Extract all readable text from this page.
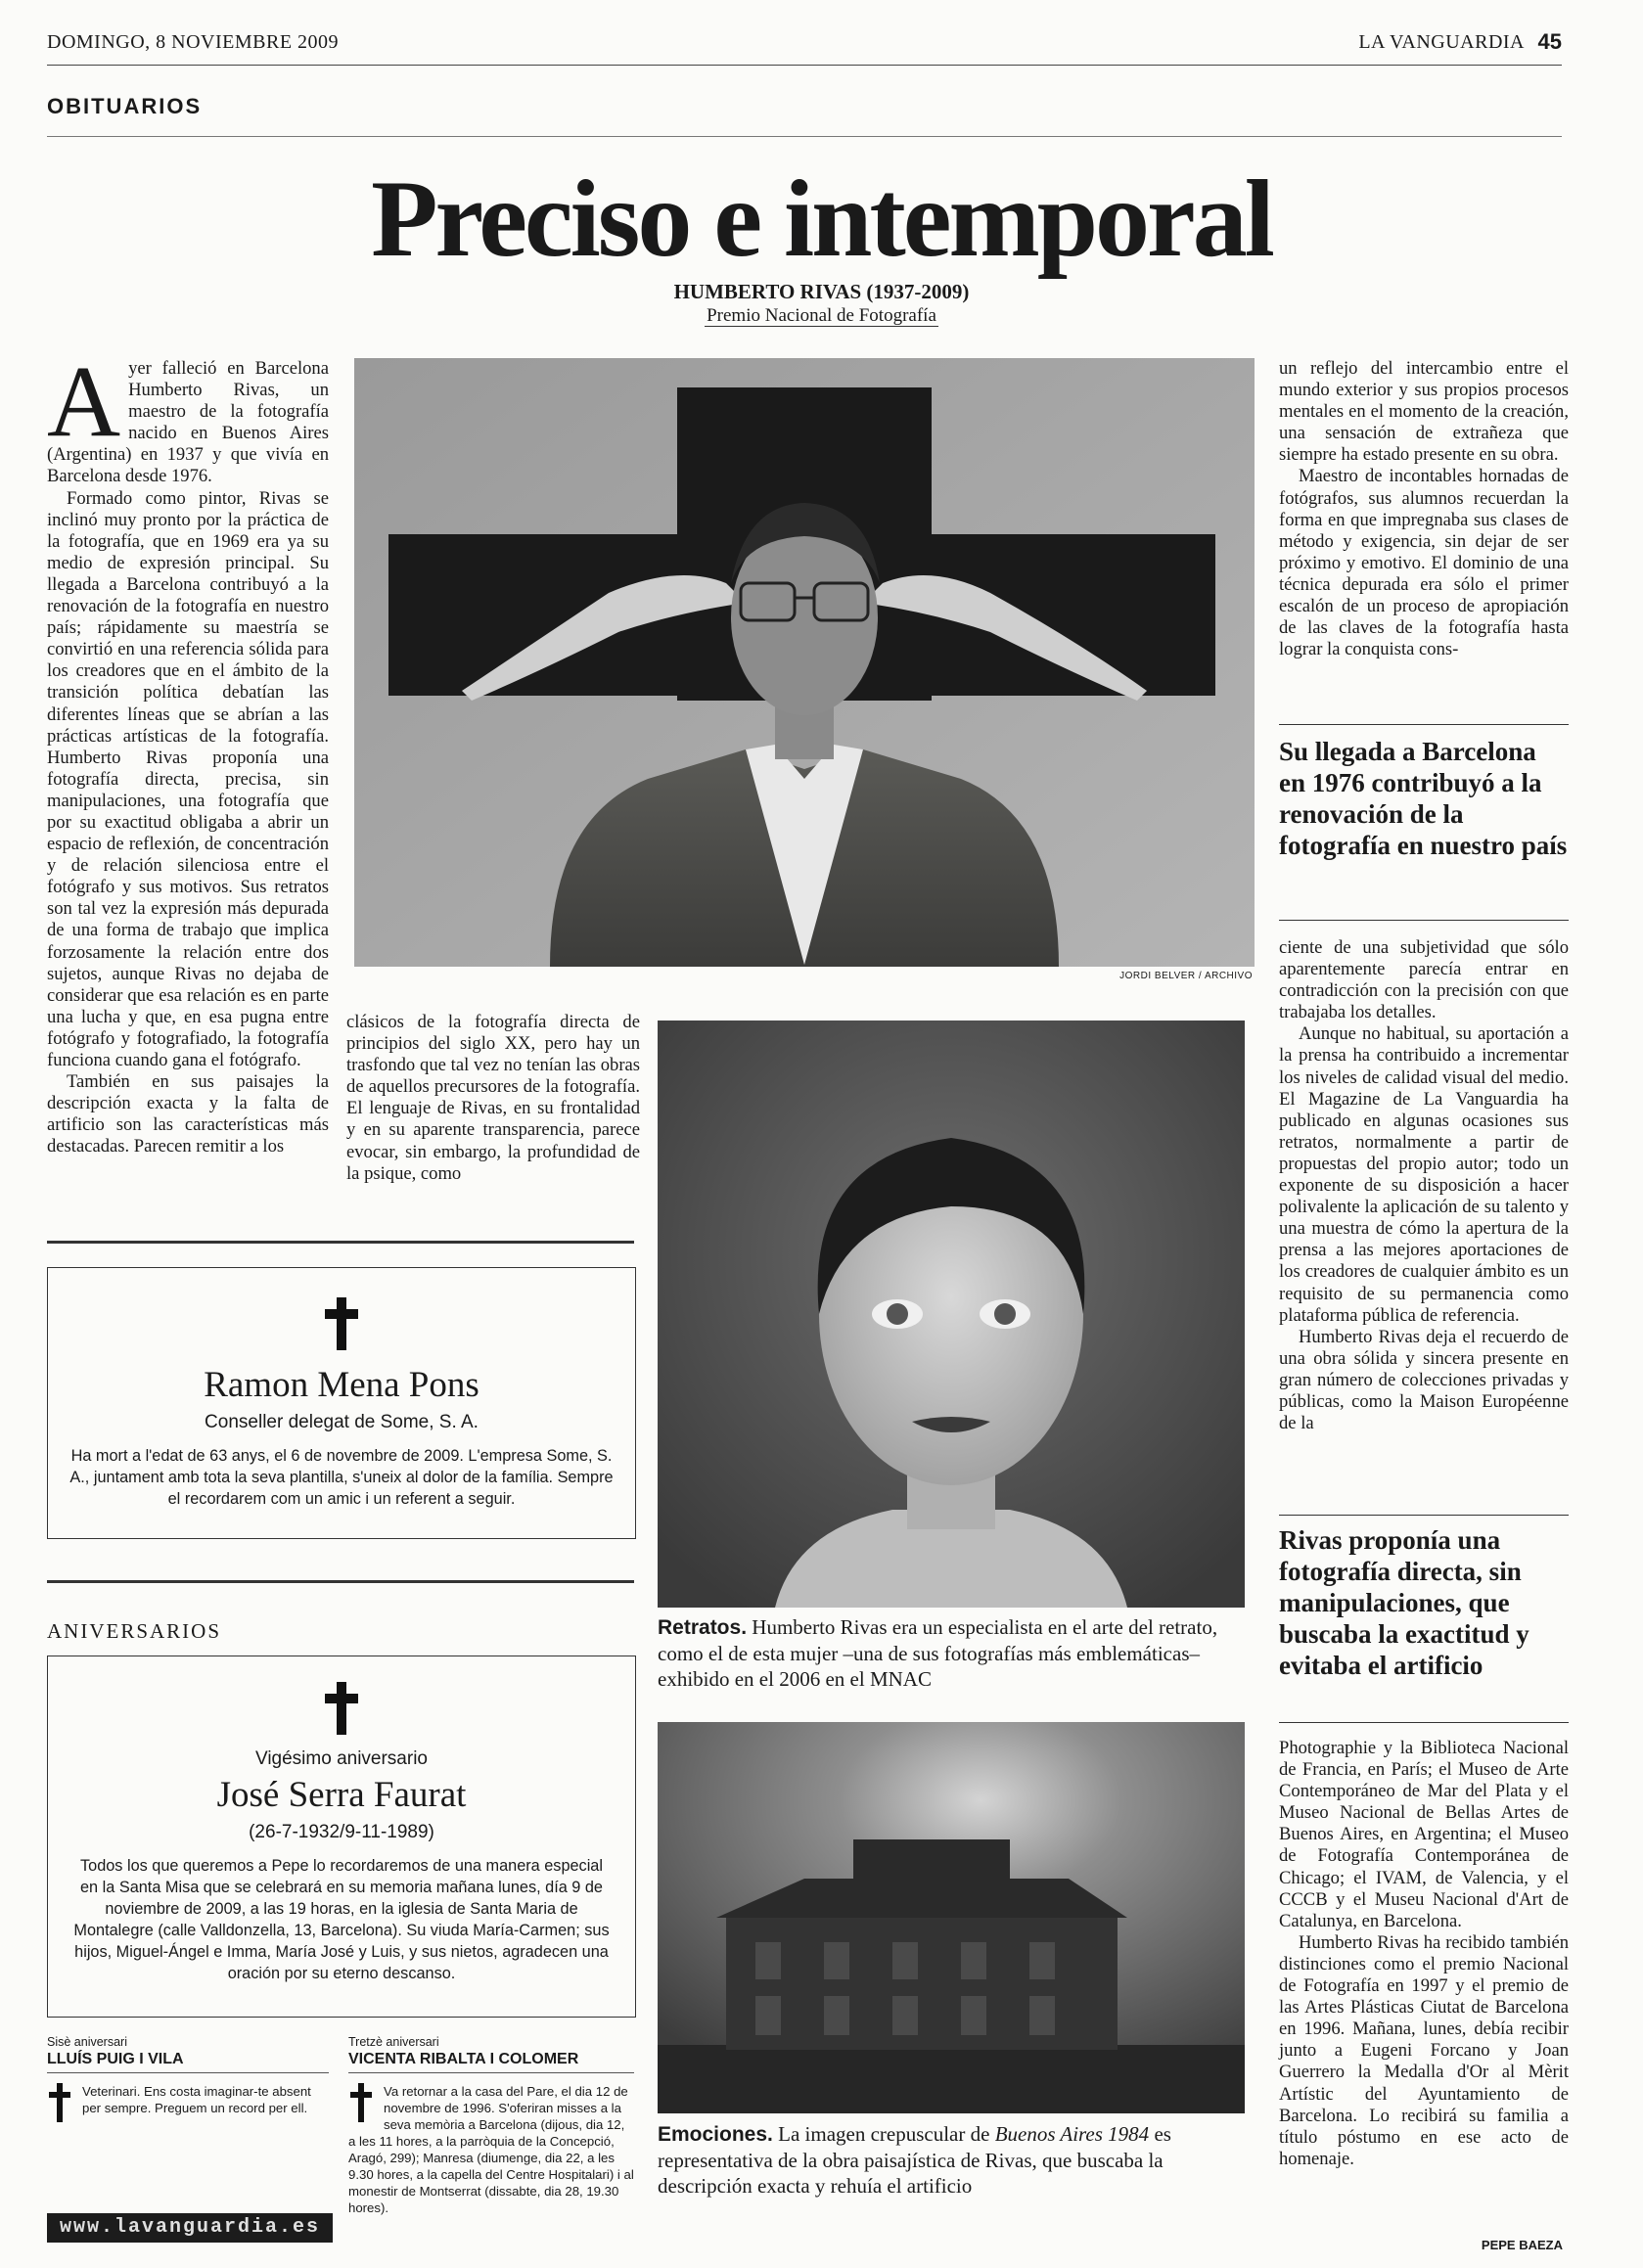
DOMINGO, 8 NOVIEMBRE 2009	LA VANGUARDIA 45
OBITUARIOS
Preciso e intemporal
HUMBERTO RIVAS (1937-2009)
Premio Nacional de Fotografía

Ayer falleció en Barcelona Humberto Rivas, un maestro de la fotografía nacido en Buenos Aires (Argentina) en 1937 y que vivía en Barcelona desde 1976.

Formado como pintor, Rivas se inclinó muy pronto por la práctica de la fotografía, que en 1969 era ya su medio de expresión principal. Su llegada a Barcelona contribuyó a la renovación de la fotografía en nuestro país; rápidamente su maestría se convirtió en una referencia sólida para los creadores que en el ámbito de la transición política debatían las diferentes líneas que se abrían a las prácticas artísticas de la fotografía. Humberto Rivas proponía una fotografía directa, precisa, sin manipulaciones, una fotografía que por su exactitud obligaba a abrir un espacio de reflexión, de concentración y de relación silenciosa entre el fotógrafo y sus motivos. Sus retratos son tal vez la expresión más depurada de una forma de trabajo que implica forzosamente la relación entre dos sujetos, aunque Rivas no dejaba de considerar que esa relación es en parte una lucha y que, en esa pugna entre fotógrafo y fotografiado, la fotografía funciona cuando gana el fotógrafo.

También en sus paisajes la descripción exacta y la falta de artificio son las características más destacadas. Parecen remitir a los

JORDI BELVER / ARCHIVO

clásicos de la fotografía directa de principios del siglo XX, pero hay un trasfondo que tal vez no tenían las obras de aquellos precursores de la fotografía. El lenguaje de Rivas, en su frontalidad y en su aparente transparencia, parece evocar, sin embargo, la profundidad de la psique, como

un reflejo del intercambio entre el mundo exterior y sus propios procesos mentales en el momento de la creación, una sensación de extrañeza que siempre ha estado presente en su obra.

Maestro de incontables hornadas de fotógrafos, sus alumnos recuerdan la forma en que impregnaba sus clases de método y exigencia, sin dejar de ser próximo y emotivo. El dominio de una técnica depurada era sólo el primer escalón de un proceso de apropiación de las claves de la fotografía hasta lograr la conquista cons-

Su llegada a Barcelona en 1976 contribuyó a la renovación de la fotografía en nuestro país

ciente de una subjetividad que sólo aparentemente parecía entrar en contradicción con la precisión con que trabajaba los detalles.

Aunque no habitual, su aportación a la prensa ha contribuido a incrementar los niveles de calidad visual del medio. El Magazine de La Vanguardia ha publicado en algunas ocasiones sus retratos, normalmente a partir de propuestas del propio autor; todo un exponente de su disposición a hacer polivalente la aplicación de su talento y una muestra de cómo la apertura de la prensa a las mejores aportaciones de los creadores de cualquier ámbito es un requisito de su permanencia como plataforma pública de referencia.

Humberto Rivas deja el recuerdo de una obra sólida y sincera presente en gran número de colecciones privadas y públicas, como la Maison Européenne de la

Rivas proponía una fotografía directa, sin manipulaciones, que buscaba la exactitud y evitaba el artificio

Photographie y la Biblioteca Nacional de Francia, en París; el Museo de Arte Contemporáneo de Mar del Plata y el Museo Nacional de Bellas Artes de Buenos Aires, en Argentina; el Museo de Fotografía Contemporánea de Chicago; el IVAM, de Valencia, y el CCCB y el Museu Nacional d'Art de Catalunya, en Barcelona.

Humberto Rivas ha recibido también distinciones como el premio Nacional de Fotografía en 1997 y el premio de las Artes Plásticas Ciutat de Barcelona en 1996. Mañana, lunes, debía recibir junto a Eugeni Forcano y Joan Guerrero la Medalla d'Or al Mèrit Artístic del Ayuntamiento de Barcelona. Lo recibirá su familia a título póstumo en ese acto de homenaje.

PEPE BAEZA
Retratos. Humberto Rivas era un especialista en el arte del retrato, como el de esta mujer –una de sus fotografías más emblemáticas– exhibido en el 2006 en el MNAC
Emociones. La imagen crepuscular de Buenos Aires 1984 es representativa de la obra paisajística de Rivas, que buscaba la descripción exacta y rehuía el artificio
Ramon Mena Pons
Conseller delegat de Some, S. A.
Ha mort a l'edat de 63 anys, el 6 de novembre de 2009. L'empresa Some, S. A., juntament amb tota la seva plantilla, s'uneix al dolor de la família. Sempre el recordarem com un amic i un referent a seguir.
ANIVERSARIOS
Vigésimo aniversario
José Serra Faurat
(26-7-1932/9-11-1989)
Todos los que queremos a Pepe lo recordaremos de una manera especial en la Santa Misa que se celebrará en su memoria mañana lunes, día 9 de noviembre de 2009, a las 19 horas, en la iglesia de Santa Maria de Montalegre (calle Valldonzella, 13, Barcelona). Su viuda María-Carmen; sus hijos, Miguel-Ángel e Imma, María José y Luis, y sus nietos, agradecen una oración por su eterno descanso.
Sisè aniversari
LLUÍS PUIG I VILA
Veterinari. Ens costa imaginar-te absent per sempre. Preguem un record per ell.
Tretzè aniversari
VICENTA RIBALTA I COLOMER
Va retornar a la casa del Pare, el dia 12 de novembre de 1996. S'oferiran misses a la seva memòria a Barcelona (dijous, dia 12, a les 11 hores, a la parròquia de la Concepció, Aragó, 299); Manresa (diumenge, dia 22, a les 9.30 hores, a la capella del Centre Hospitalari) i al monestir de Montserrat (dissabte, dia 28, 19.30 hores).
www.lavanguardia.es
